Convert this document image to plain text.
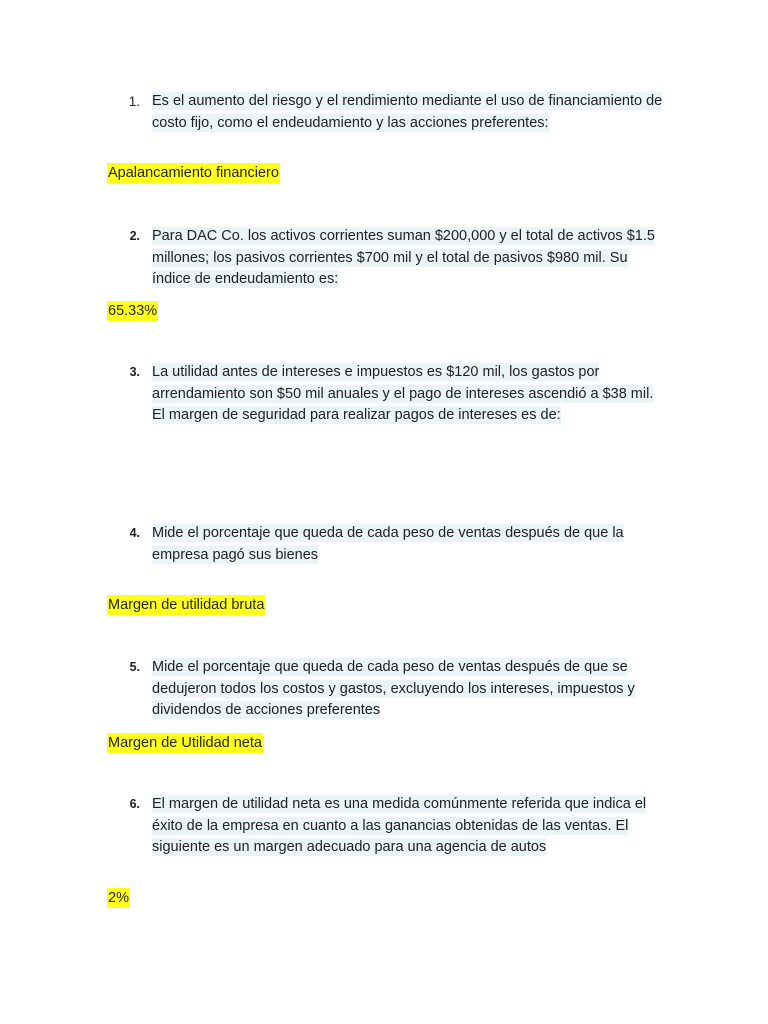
1. Es el aumento del riesgo y el rendimiento mediante el uso de financiamiento de
costo fijo, como el endeudamiento y las acciones preferentes:
Apalancamiento financiero
2. Para DAC Co. los activos corrientes suman $200,000 y el total de activos $1.5
millones; los pasivos corrientes $700 mil y el total de pasivos $980 mil. Su
índice de endeudamiento es:
65.33%
3. La utilidad antes de intereses e impuestos es $120 mil, los gastos por
arrendamiento son $50 mil anuales y el pago de intereses ascendió a $38 mil.
El margen de seguridad para realizar pagos de intereses es de:
4. Mide el porcentaje que queda de cada peso de ventas después de que la
empresa pagó sus bienes
Margen de utilidad bruta
5. Mide el porcentaje que queda de cada peso de ventas después de que se
dedujeron todos los costos y gastos, excluyendo los intereses, impuestos y
dividendos de acciones preferentes
Margen de Utilidad neta
6. El margen de utilidad neta es una medida comúnmente referida que indica el
éxito de la empresa en cuanto a las ganancias obtenidas de las ventas. El
siguiente es un margen adecuado para una agencia de autos
2%
